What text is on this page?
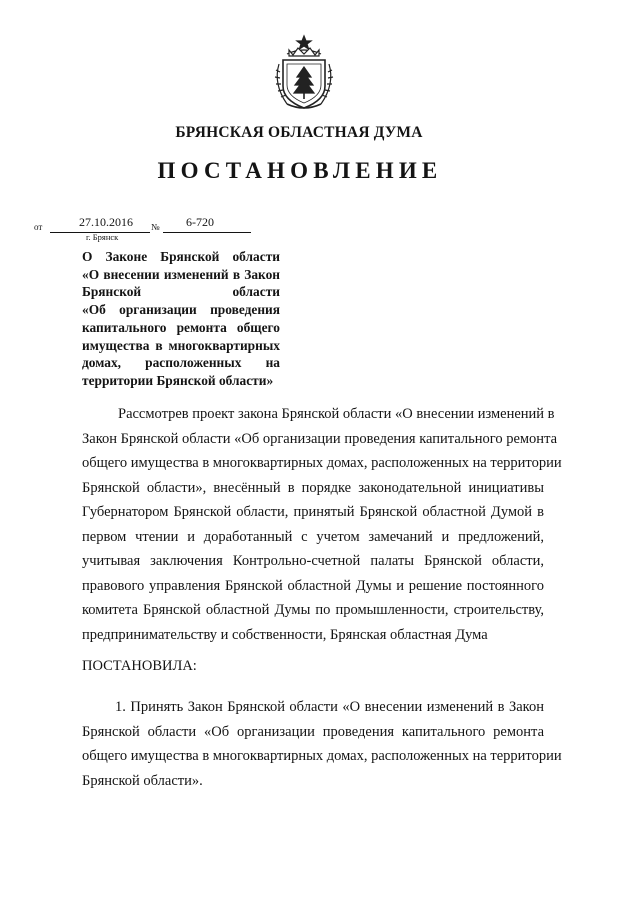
БРЯНСКАЯ ОБЛАСТНАЯ ДУМА
ПОСТАНОВЛЕНИЕ
от	27.10.2016 № 6-720
г. Брянск
О Законе Брянской области
«О внесении изменений в Закон
Брянской области
«Об организации проведения
капитального ремонта общего
имущества в многоквартирных
домах, расположенных на
территории Брянской области»
Рассмотрев проект закона Брянской области «О внесении изменений в
Закон Брянской области «Об организации проведения капитального ремонта
общего имущества в многоквартирных домах, расположенных на территории
Брянской области», внесённый в порядке законодательной инициативы
Губернатором Брянской области, принятый Брянской областной Думой в
первом чтении и доработанный с учетом замечаний и предложений,
учитывая заключения Контрольно-счетной палаты Брянской области,
правового управления Брянской областной Думы и решение постоянного
комитета Брянской областной Думы по промышленности, строительству,
предпринимательству и собственности, Брянская областная Дума
ПОСТАНОВИЛА:
1. Принять Закон Брянской области «О внесении изменений в Закон
Брянской области «Об организации проведения капитального ремонта
общего имущества в многоквартирных домах, расположенных на территории
Брянской области».
